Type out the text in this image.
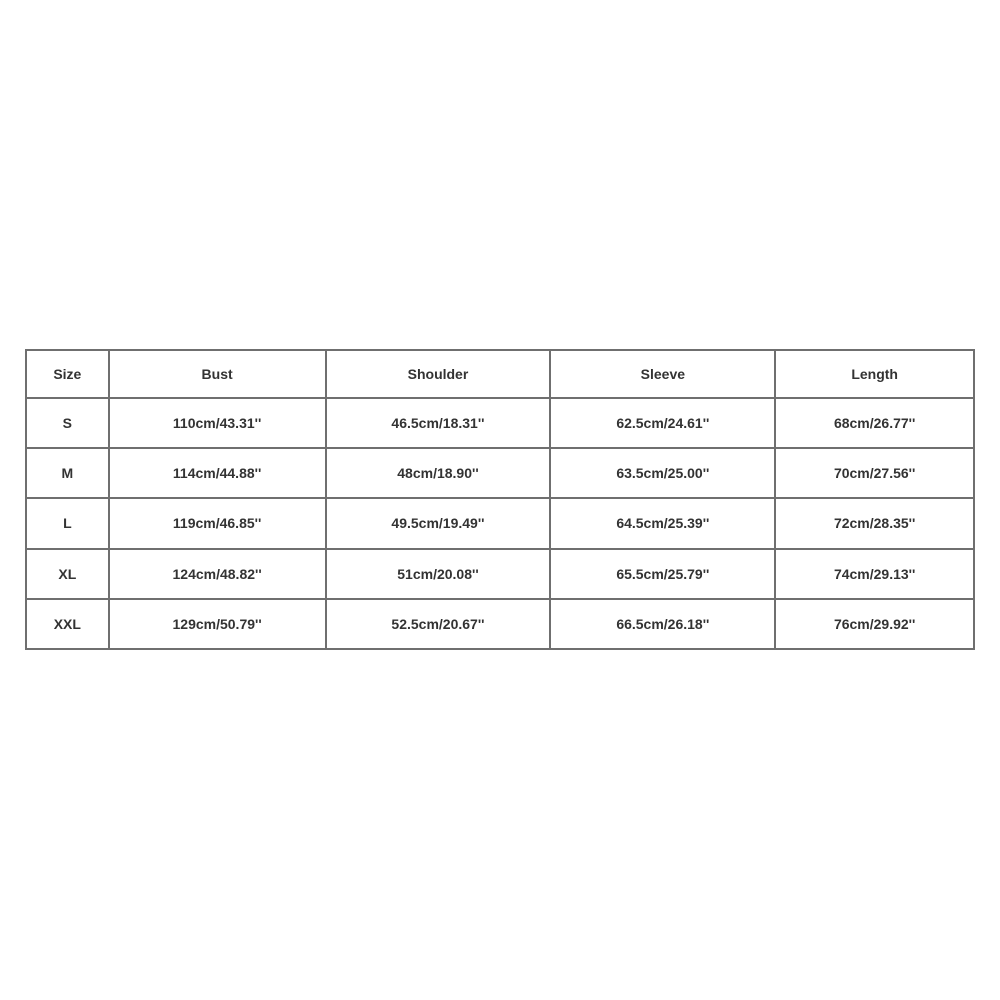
Size	Bust	Shoulder	Sleeve	Length
S	110cm/43.31''	46.5cm/18.31''	62.5cm/24.61''	68cm/26.77''
M	114cm/44.88''	48cm/18.90''	63.5cm/25.00''	70cm/27.56''
L	119cm/46.85''	49.5cm/19.49''	64.5cm/25.39''	72cm/28.35''
XL	124cm/48.82''	51cm/20.08''	65.5cm/25.79''	74cm/29.13''
XXL	129cm/50.79''	52.5cm/20.67''	66.5cm/26.18''	76cm/29.92''
